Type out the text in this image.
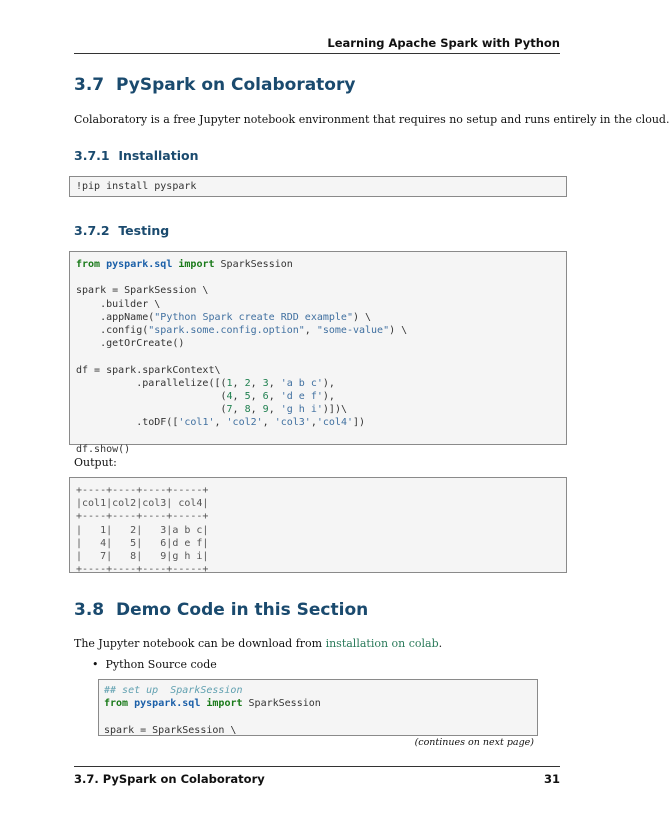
Learning Apache Spark with Python
3.7 PySpark on Colaboratory
Colaboratory is a free Jupyter notebook environment that requires no setup and runs entirely in the cloud.
3.7.1 Installation
!pip install pyspark
3.7.2 Testing
from pyspark.sql import SparkSession

spark = SparkSession \
.builder \
.appName("Python Spark create RDD example") \
.config("spark.some.config.option", "some-value") \
.getOrCreate()

df = spark.sparkContext\
.parallelize([(1, 2, 3, 'a b c'),
(4, 5, 6, 'd e f'),
(7, 8, 9, 'g h i')])\
.toDF(['col1', 'col2', 'col3','col4'])

df.show()
Output:
+----+----+----+-----+
|col1|col2|col3| col4|
+----+----+----+-----+
|   1|   2|   3|a b c|
|   4|   5|   6|d e f|
|   7|   8|   9|g h i|
+----+----+----+-----+
3.8 Demo Code in this Section
The Jupyter notebook can be download from installation on colab.
•  Python Source code
## set up  SparkSession
from pyspark.sql import SparkSession

spark = SparkSession \
(continues on next page)
3.7. PySpark on Colaboratory	31
